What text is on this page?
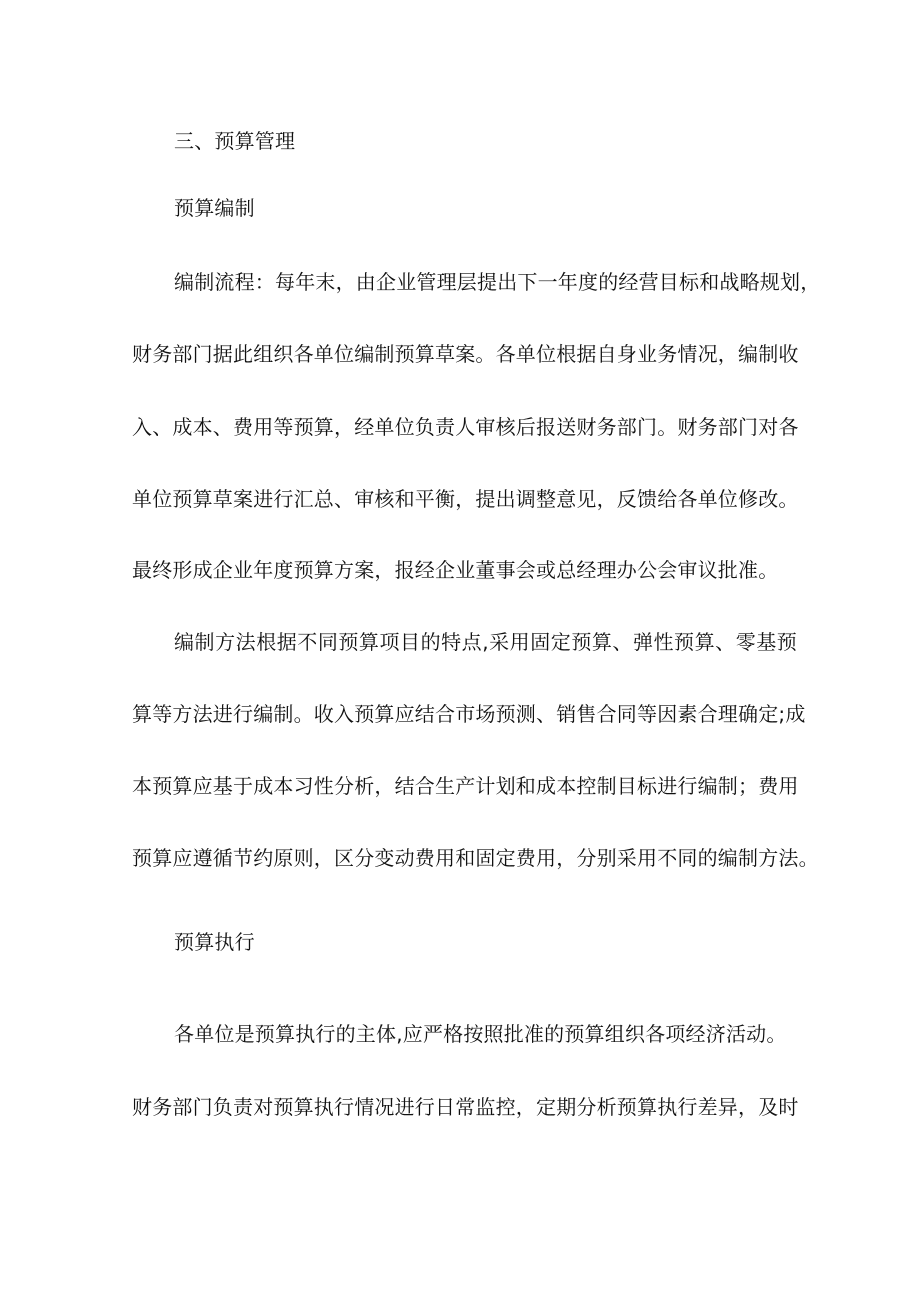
三、预算管理
预算编制
编制流程：每年末，由企业管理层提出下一年度的经营目标和战略规划，
财务部门据此组织各单位编制预算草案。各单位根据自身业务情况，编制收
入、成本、费用等预算，经单位负责人审核后报送财务部门。财务部门对各
单位预算草案进行汇总、审核和平衡，提出调整意见，反馈给各单位修改。
最终形成企业年度预算方案，报经企业董事会或总经理办公会审议批准。
编制方法根据不同预算项目的特点,采用固定预算、弹性预算、零基预
算等方法进行编制。收入预算应结合市场预测、销售合同等因素合理确定;成
本预算应基于成本习性分析，结合生产计划和成本控制目标进行编制；费用
预算应遵循节约原则，区分变动费用和固定费用，分别采用不同的编制方法。
预算执行
各单位是预算执行的主体,应严格按照批准的预算组织各项经济活动。
财务部门负责对预算执行情况进行日常监控，定期分析预算执行差异，及时
